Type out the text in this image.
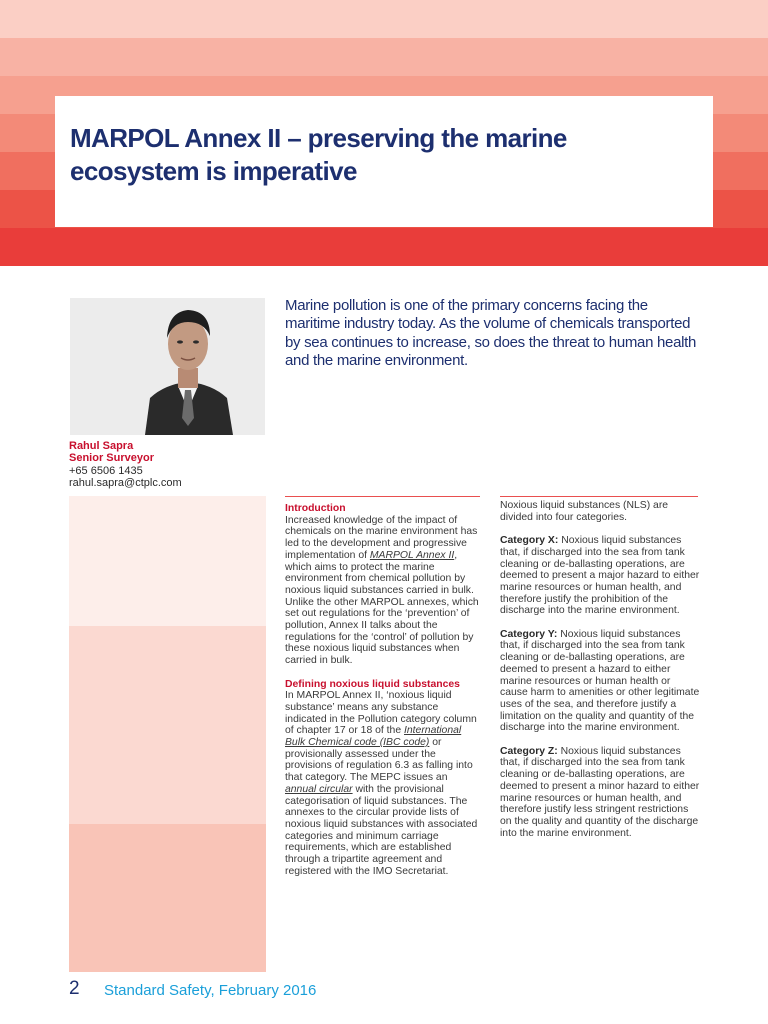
MARPOL Annex II – preserving the marine ecosystem is imperative
Rahul Sapra
Senior Surveyor
+65 6506 1435
rahul.sapra@ctplc.com
Marine pollution is one of the primary concerns facing the maritime industry today. As the volume of chemicals transported by sea continues to increase, so does the threat to human health and the marine environment.

Introduction
Increased knowledge of the impact of chemicals on the marine environment has led to the development and progressive implementation of MARPOL Annex II, which aims to protect the marine environment from chemical pollution by noxious liquid substances carried in bulk. Unlike the other MARPOL annexes, which set out regulations for the ‘prevention’ of pollution, Annex II talks about the regulations for the ‘control’ of pollution by these noxious liquid substances when carried in bulk.

Defining noxious liquid substances
In MARPOL Annex II, ‘noxious liquid substance’ means any substance indicated in the Pollution category column of chapter 17 or 18 of the International Bulk Chemical code (IBC code) or provisionally assessed under the provisions of regulation 6.3 as falling into that category. The MEPC issues an annual circular with the provisional categorisation of liquid substances. The annexes to the circular provide lists of noxious liquid substances with associated categories and minimum carriage requirements, which are established through a tripartite agreement and registered with the IMO Secretariat.

Noxious liquid substances (NLS) are divided into four categories.

Category X: Noxious liquid substances that, if discharged into the sea from tank cleaning or de-ballasting operations, are deemed to present a major hazard to either marine resources or human health, and therefore justify the prohibition of the discharge into the marine environment.

Category Y: Noxious liquid substances that, if discharged into the sea from tank cleaning or de-ballasting operations, are deemed to present a hazard to either marine resources or human health or cause harm to amenities or other legitimate uses of the sea, and therefore justify a limitation on the quality and quantity of the discharge into the marine environment.

Category Z: Noxious liquid substances that, if discharged into the sea from tank cleaning or de-ballasting operations, are deemed to present a minor hazard to either marine resources or human health, and therefore justify less stringent restrictions on the quality and quantity of the discharge into the marine environment.

2 Standard Safety, February 2016
